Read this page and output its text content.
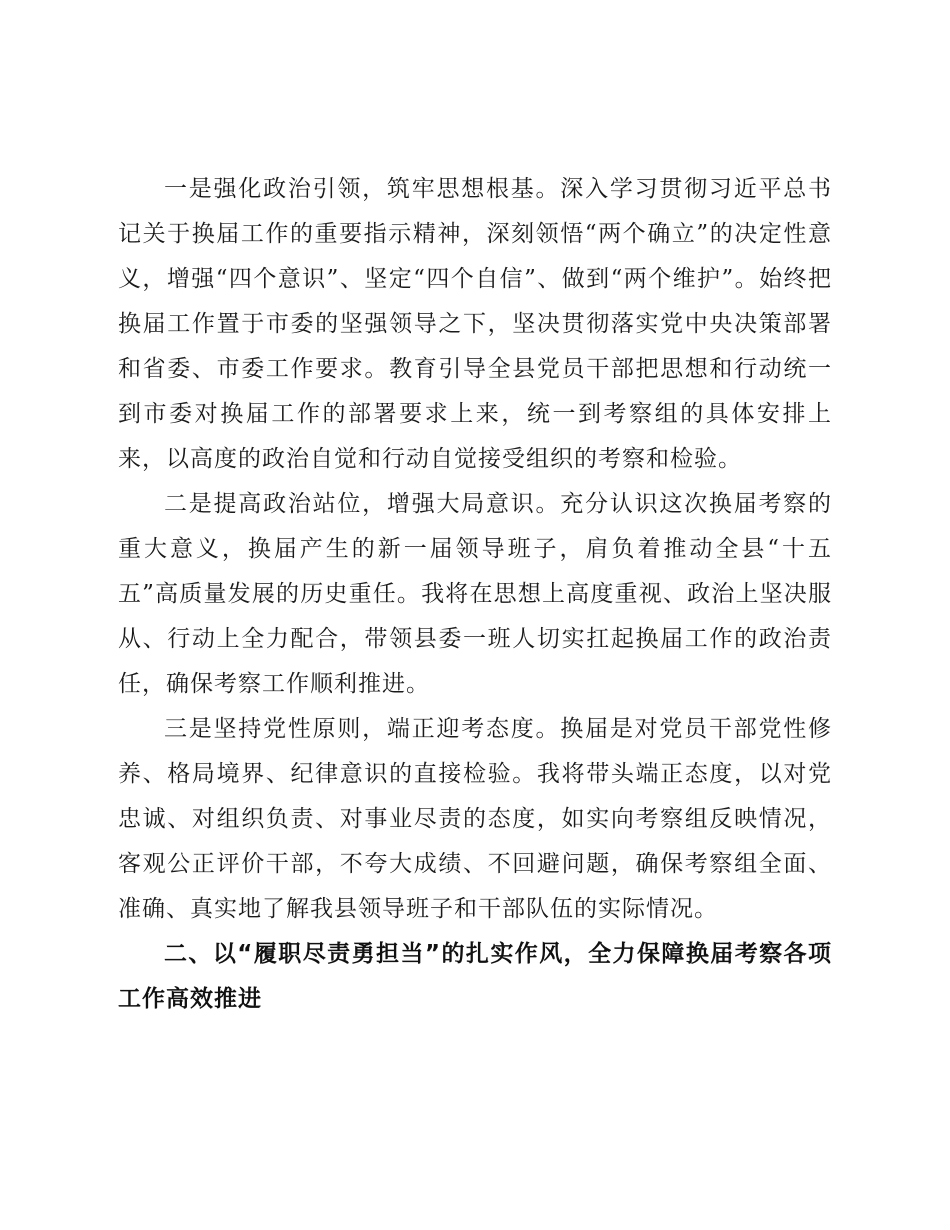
一是强化政治引领，筑牢思想根基。深入学习贯彻习近平总书记关于换届工作的重要指示精神，深刻领悟“两个确立”的决定性意义，增强“四个意识”、坚定“四个自信”、做到“两个维护”。始终把换届工作置于市委的坚强领导之下，坚决贯彻落实党中央决策部署和省委、市委工作要求。教育引导全县党员干部把思想和行动统一到市委对换届工作的部署要求上来，统一到考察组的具体安排上来，以高度的政治自觉和行动自觉接受组织的考察和检验。

二是提高政治站位，增强大局意识。充分认识这次换届考察的重大意义，换届产生的新一届领导班子，肩负着推动全县“十五五”高质量发展的历史重任。我将在思想上高度重视、政治上坚决服从、行动上全力配合，带领县委一班人切实扛起换届工作的政治责任，确保考察工作顺利推进。

三是坚持党性原则，端正迎考态度。换届是对党员干部党性修养、格局境界、纪律意识的直接检验。我将带头端正态度，以对党忠诚、对组织负责、对事业尽责的态度，如实向考察组反映情况，客观公正评价干部，不夸大成绩、不回避问题，确保考察组全面、准确、真实地了解我县领导班子和干部队伍的实际情况。

二、以“履职尽责勇担当”的扎实作风，全力保障换届考察各项工作高效推进
